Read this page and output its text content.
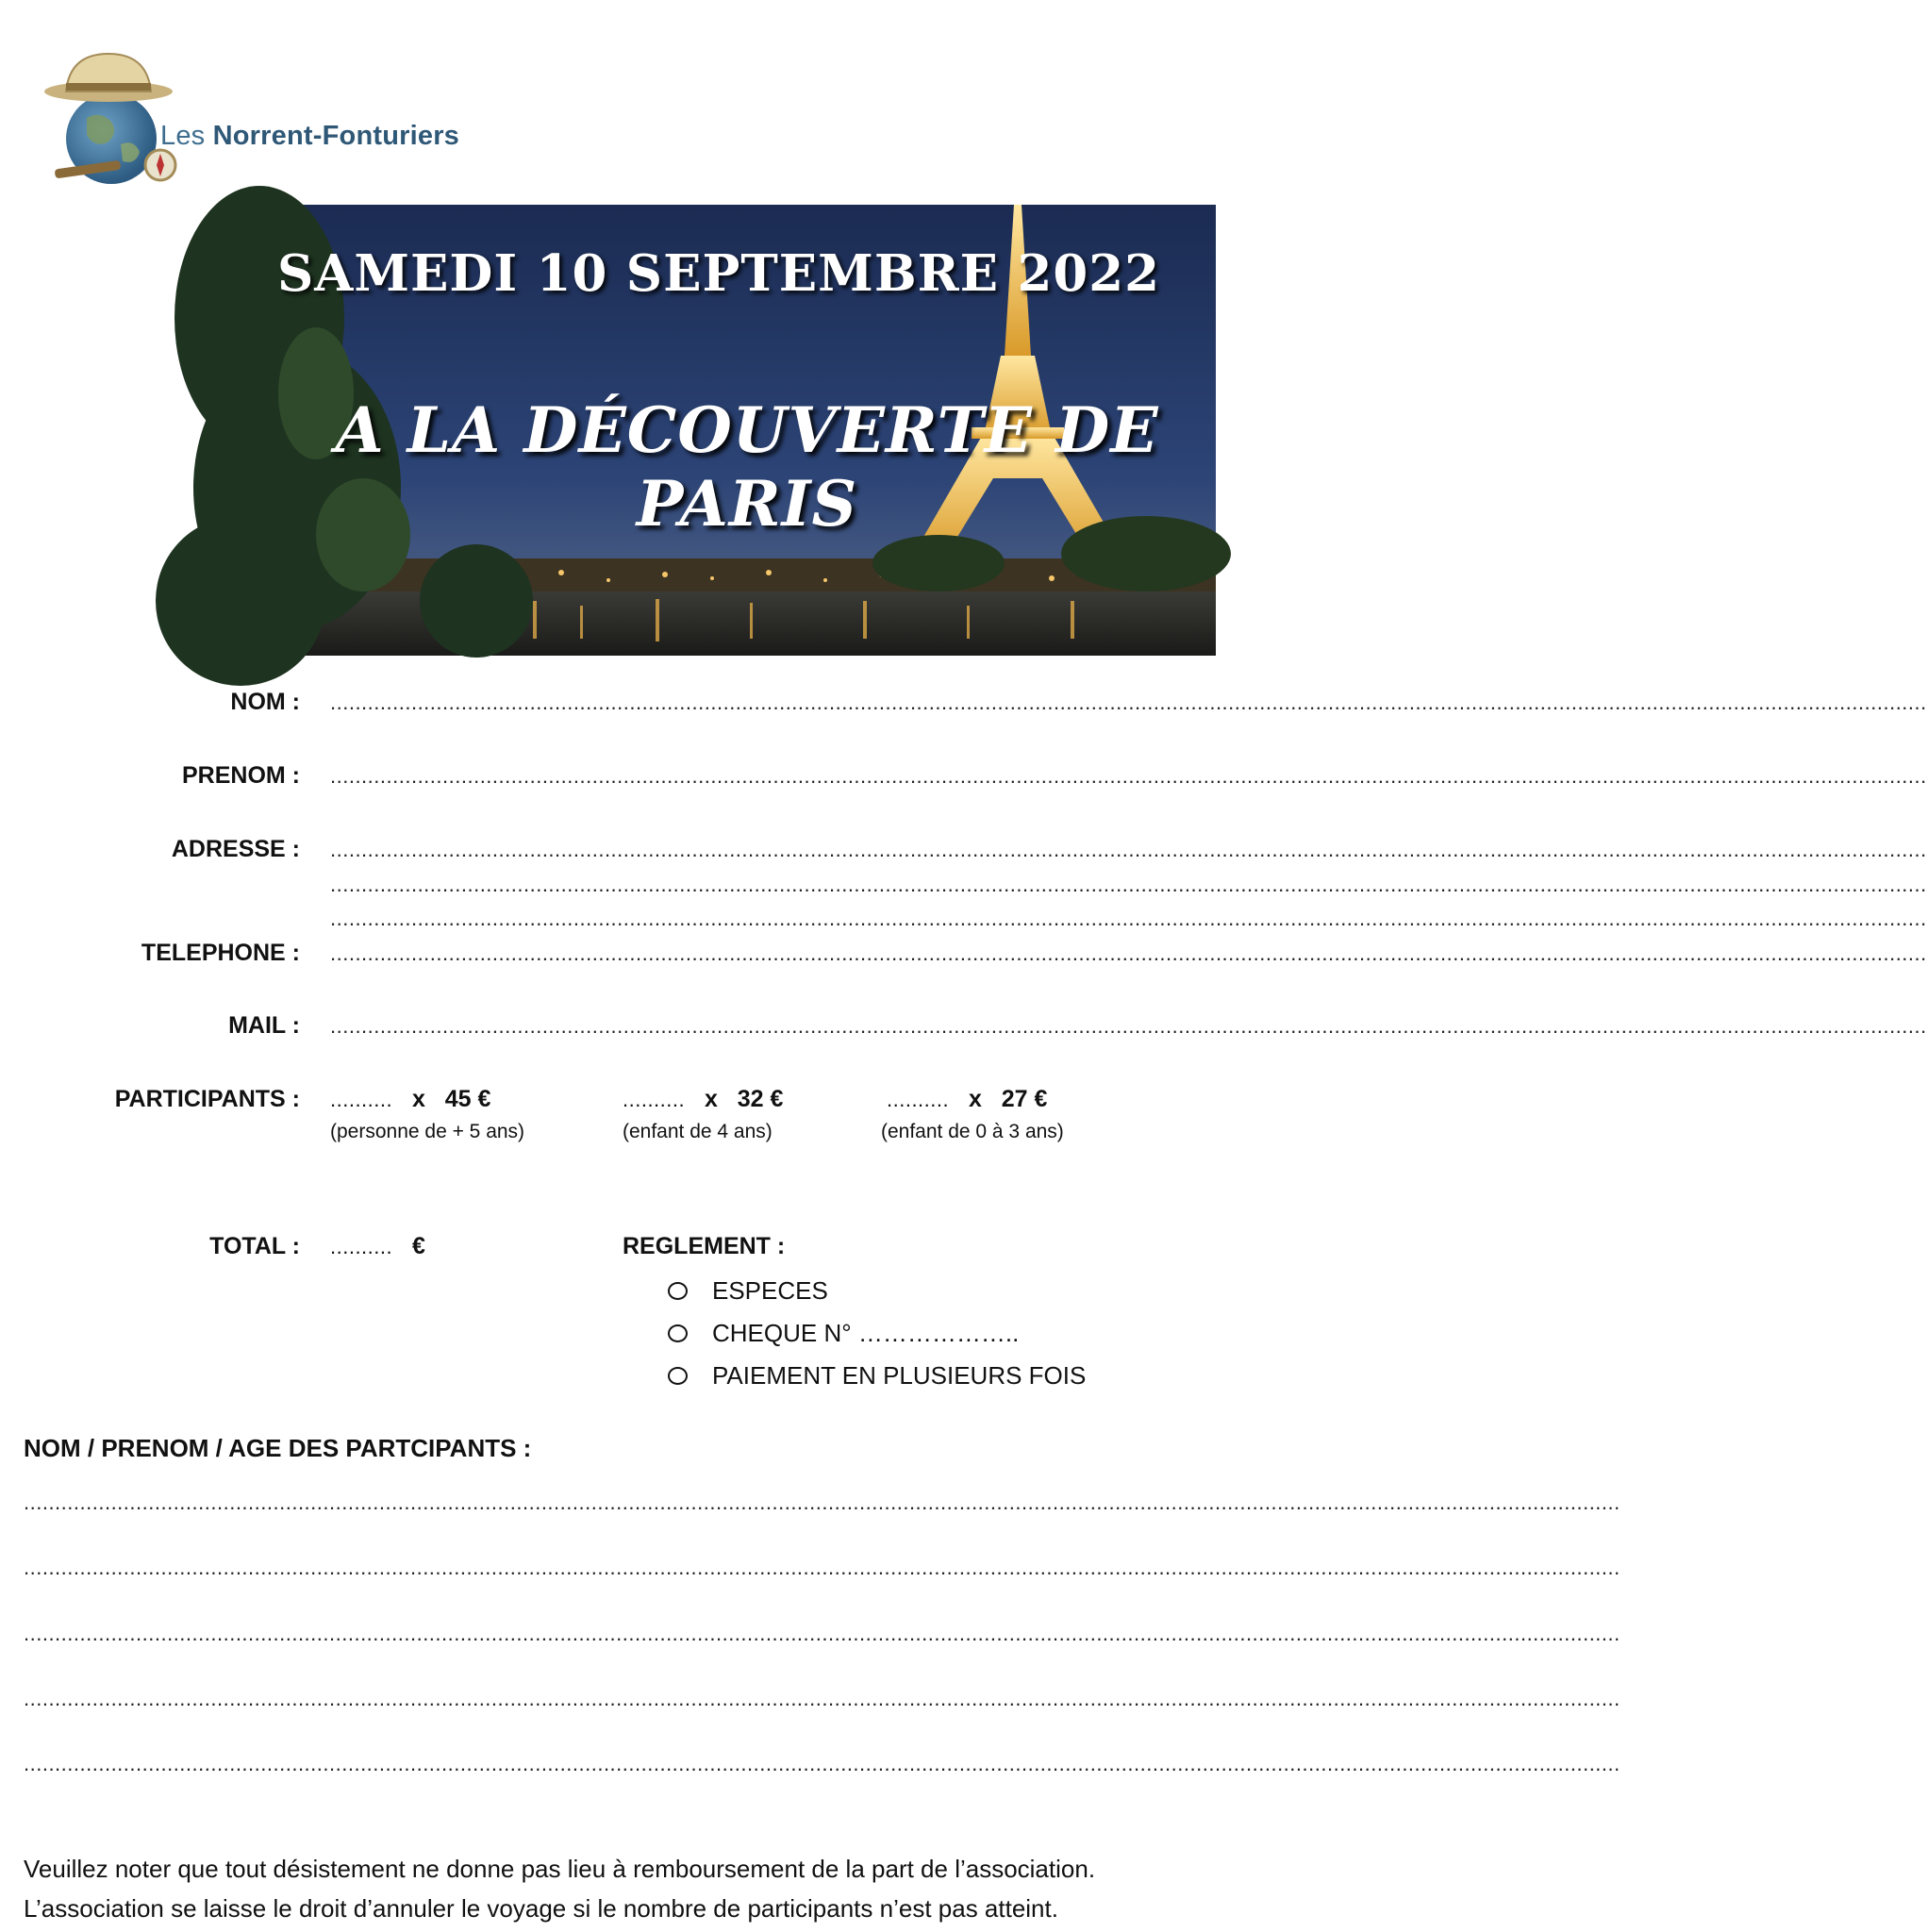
Les Norrent-Fonturiers
SAMEDI 10 SEPTEMBRE 2022
A LA DÉCOUVERTE DE PARIS
NOM : ................................................................................................................................................................................................................................................................
PRENOM : ................................................................................................................................................................................................................................................................
ADRESSE : ................................................................................................................................................................................................................................................................
................................................................................................................................................................................................................................................................
................................................................................................................................................................................................................................................................
TELEPHONE : ................................................................................................................................................................................................................................................................
MAIL : ................................................................................................................................................................................................................................................................
PARTICIPANTS : .......... x 45 €
(personne de + 5 ans)
.......... x 32 €
(enfant de 4 ans)
.......... x 27 €
(enfant de 0 à 3 ans)
TOTAL : .......... €	REGLEMENT :
ESPECES
CHEQUE N° ………………..
PAIEMENT EN PLUSIEURS FOIS
NOM / PRENOM / AGE DES PARTCIPANTS :
................................................................................................................................................................................................................................................................
................................................................................................................................................................................................................................................................
................................................................................................................................................................................................................................................................
................................................................................................................................................................................................................................................................
................................................................................................................................................................................................................................................................
Veuillez noter que tout désistement ne donne pas lieu à remboursement de la part de l’association.
L’association se laisse le droit d’annuler le voyage si le nombre de participants n’est pas atteint.
